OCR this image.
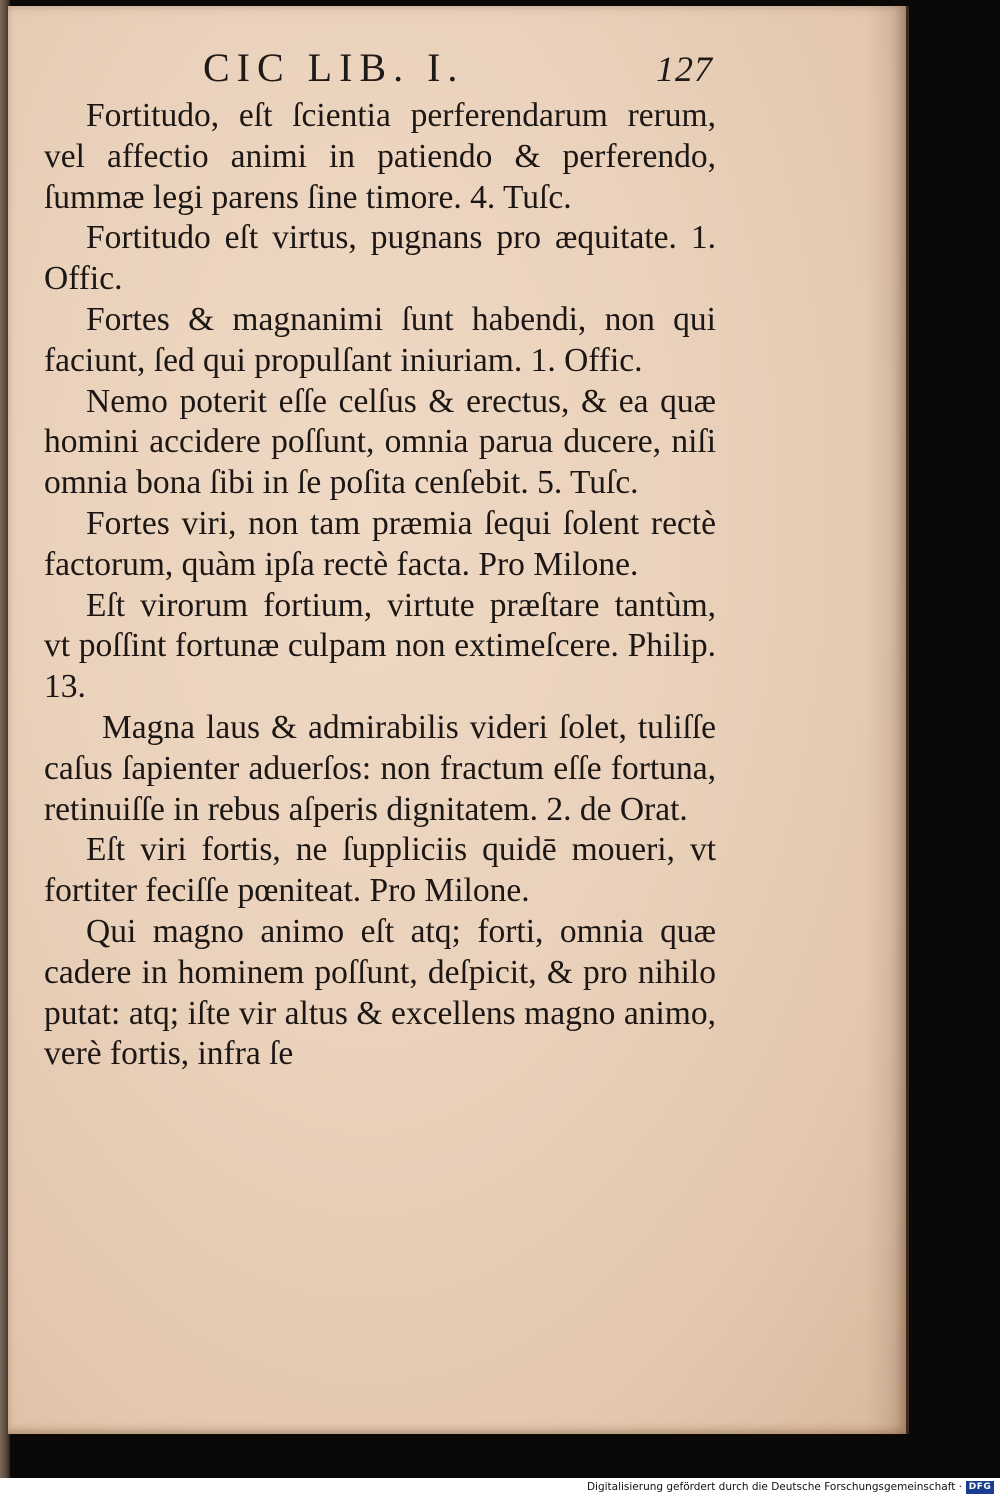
CIC LIB. I.	127

Fortitudo, eſt ſcientia perferendarum rerum, vel affectio animi in patiendo & perferendo, ſummæ legi parens ſine timore. 4. Tuſc.

Fortitudo eſt virtus, pugnans pro æquitate. 1. Offic.

Fortes & magnanimi ſunt habendi, non qui faciunt, ſed qui propulſant iniuriam. 1. Offic.

Nemo poterit eſſe celſus & erectus, & ea quæ homini accidere poſſunt, omnia parua ducere, niſi omnia bona ſibi in ſe poſita cenſebit. 5. Tuſc.

Fortes viri, non tam præmia ſequi ſolent rectè factorum, quàm ipſa rectè facta. Pro Milone.

Eſt virorum fortium, virtute præſtare tantùm, vt poſſint fortunæ culpam non extimeſcere. Philip. 13.

Magna laus & admirabilis videri ſolet, tuliſſe caſus ſapienter aduerſos: non fractum eſſe fortuna, retinuiſſe in rebus aſperis dignitatem. 2. de Orat.

Eſt viri fortis, ne ſuppliciis quidē moueri, vt fortiter feciſſe pœniteat. Pro Milone.

Qui magno animo eſt atq; forti, omnia quæ cadere in hominem poſſunt, deſpicit, & pro nihilo putat: atq; iſte vir altus & excellens magno animo, verè fortis, infra ſe

Digitalisierung gefördert durch die Deutsche Forschungsgemeinschaft · DFG
